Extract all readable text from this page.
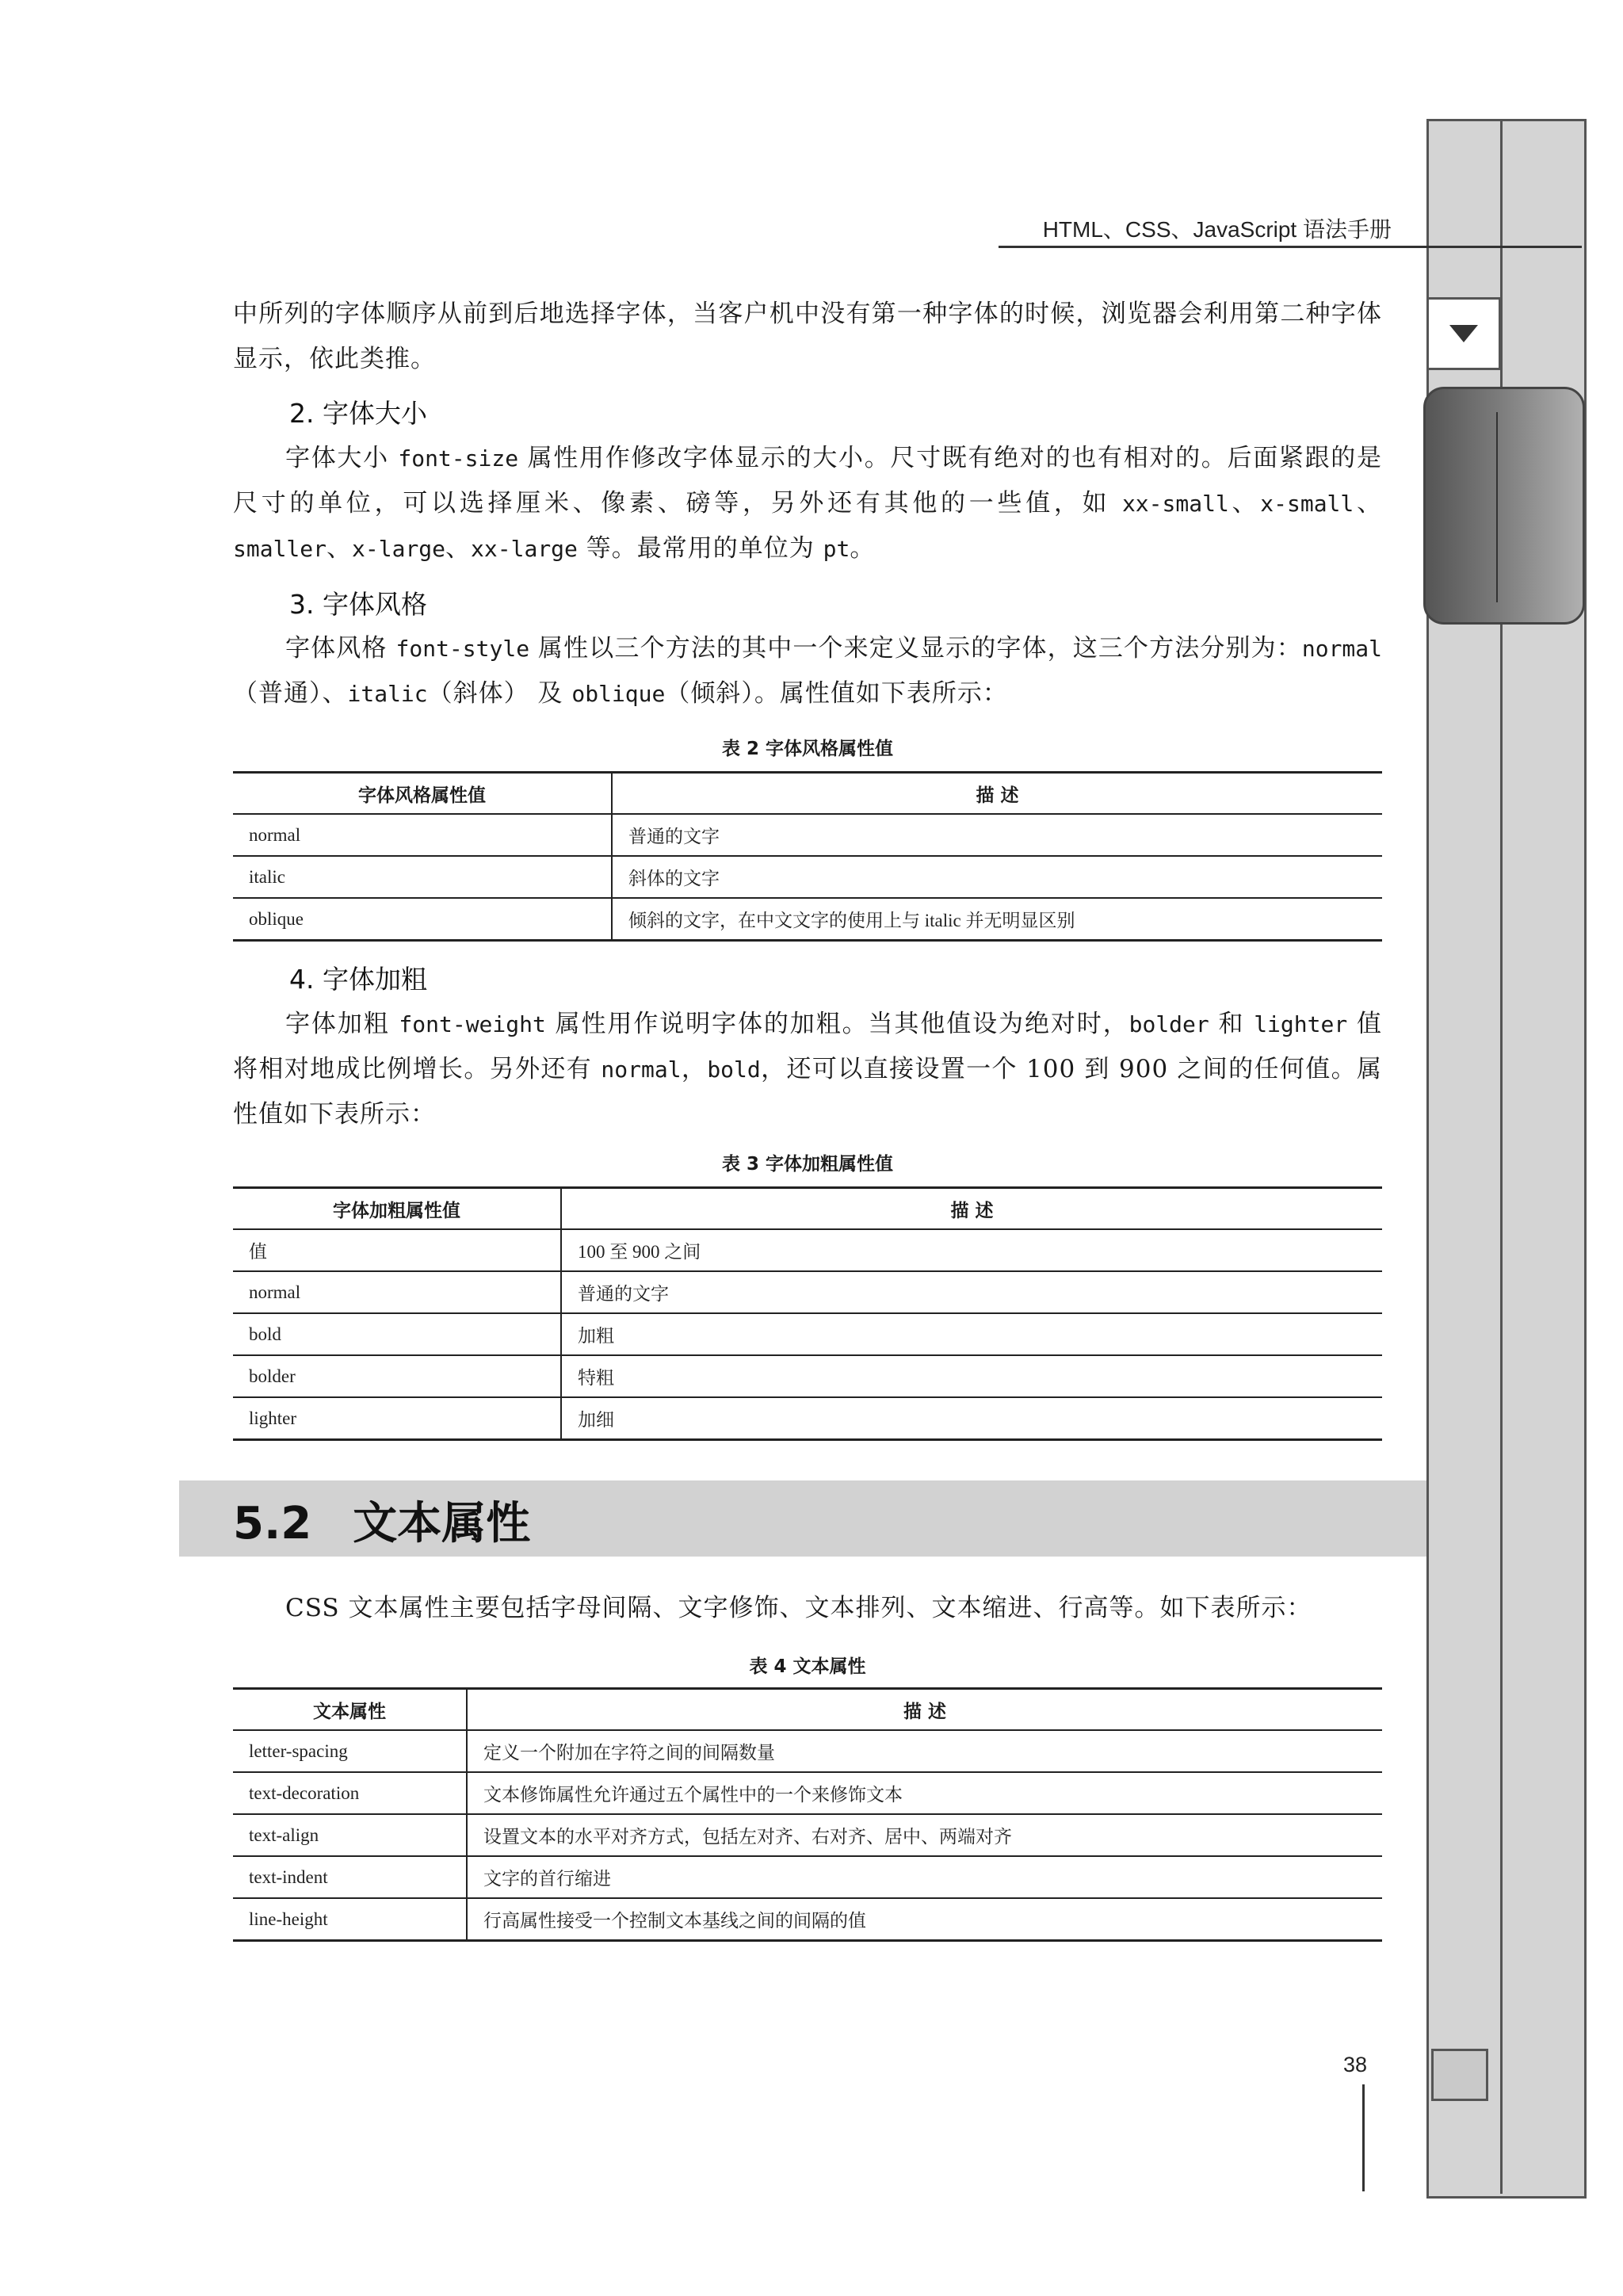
HTML、CSS、JavaScript 语法手册
中所列的字体顺序从前到后地选择字体，当客户机中没有第一种字体的时候，浏览器会利用第二种字体显示，依此类推。
2. 字体大小
字体大小 font-size 属性用作修改字体显示的大小。尺寸既有绝对的也有相对的。后面紧跟的是尺寸的单位，可以选择厘米、像素、磅等，另外还有其他的一些值，如 xx-small、x-small、smaller、x-large、xx-large 等。最常用的单位为 pt。
3. 字体风格
字体风格 font-style 属性以三个方法的其中一个来定义显示的字体，这三个方法分别为：normal（普通）、italic（斜体） 及 oblique（倾斜）。属性值如下表所示：
表 2 字体风格属性值
字体风格属性值	描 述
normal	普通的文字
italic	斜体的文字
oblique	倾斜的文字，在中文文字的使用上与 italic 并无明显区别
4. 字体加粗
字体加粗 font-weight 属性用作说明字体的加粗。当其他值设为绝对时，bolder 和 lighter 值将相对地成比例增长。另外还有 normal，bold，还可以直接设置一个 100 到 900 之间的任何值。属性值如下表所示：
表 3 字体加粗属性值
字体加粗属性值	描 述
值	100 至 900 之间
normal	普通的文字
bold	加粗
bolder	特粗
lighter	加细
5.2 文本属性
CSS 文本属性主要包括字母间隔、文字修饰、文本排列、文本缩进、行高等。如下表所示：
表 4 文本属性
文本属性	描 述
letter-spacing	定义一个附加在字符之间的间隔数量
text-decoration	文本修饰属性允许通过五个属性中的一个来修饰文本
text-align	设置文本的水平对齐方式，包括左对齐、右对齐、居中、两端对齐
text-indent	文字的首行缩进
line-height	行高属性接受一个控制文本基线之间的间隔的值
38
